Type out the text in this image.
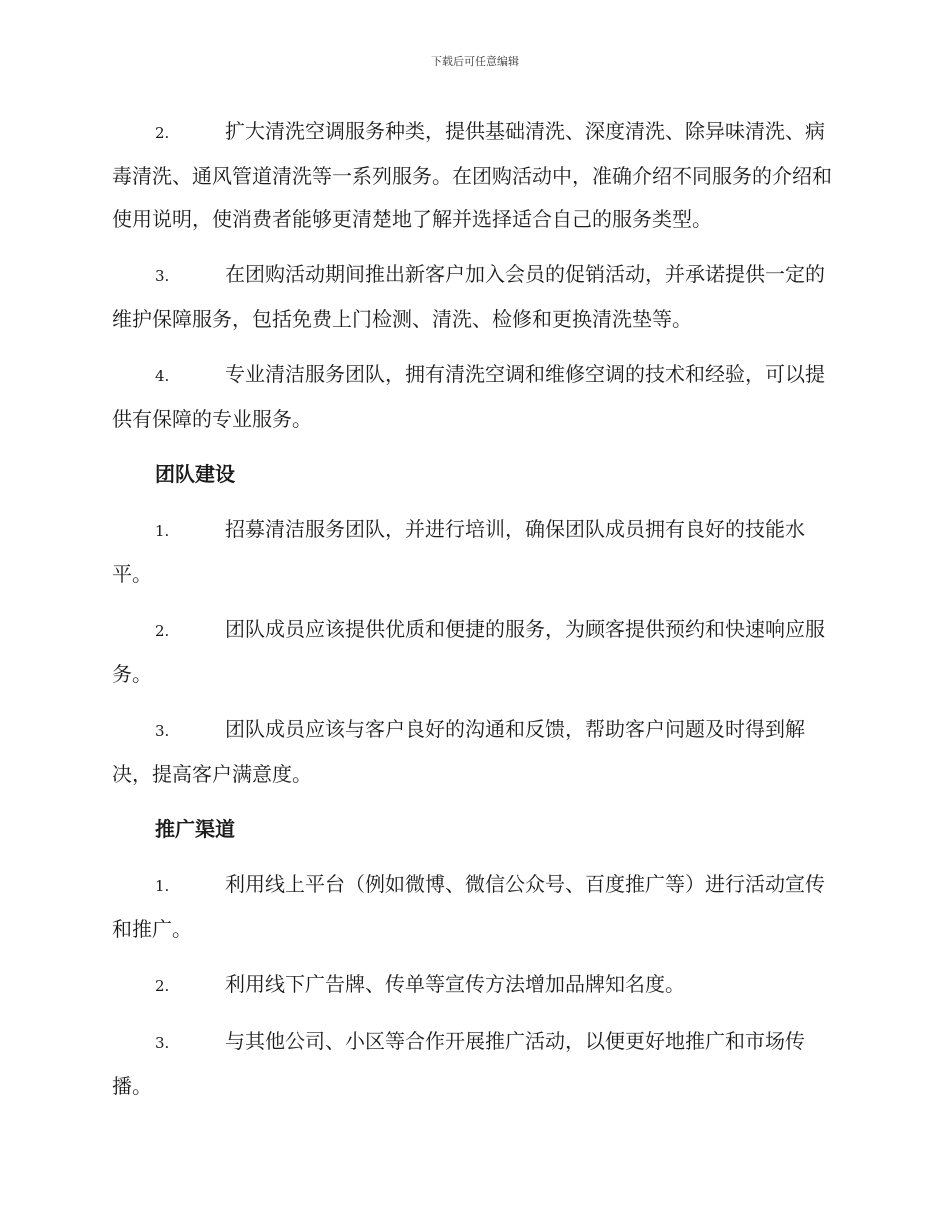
下载后可任意编辑

2.	扩大清洗空调服务种类，提供基础清洗、深度清洗、除异味清洗、病毒清洗、通风管道清洗等一系列服务。在团购活动中，准确介绍不同服务的介绍和使用说明，使消费者能够更清楚地了解并选择适合自己的服务类型。

3.	在团购活动期间推出新客户加入会员的促销活动，并承诺提供一定的维护保障服务，包括免费上门检测、清洗、检修和更换清洗垫等。

4.	专业清洁服务团队，拥有清洗空调和维修空调的技术和经验，可以提供有保障的专业服务。

团队建设

1.	招募清洁服务团队，并进行培训，确保团队成员拥有良好的技能水平。

2.	团队成员应该提供优质和便捷的服务，为顾客提供预约和快速响应服务。

3.	团队成员应该与客户良好的沟通和反馈，帮助客户问题及时得到解决，提高客户满意度。

推广渠道

1.	利用线上平台（例如微博、微信公众号、百度推广等）进行活动宣传和推广。

2.	利用线下广告牌、传单等宣传方法增加品牌知名度。

3.	与其他公司、小区等合作开展推广活动，以便更好地推广和市场传播。
